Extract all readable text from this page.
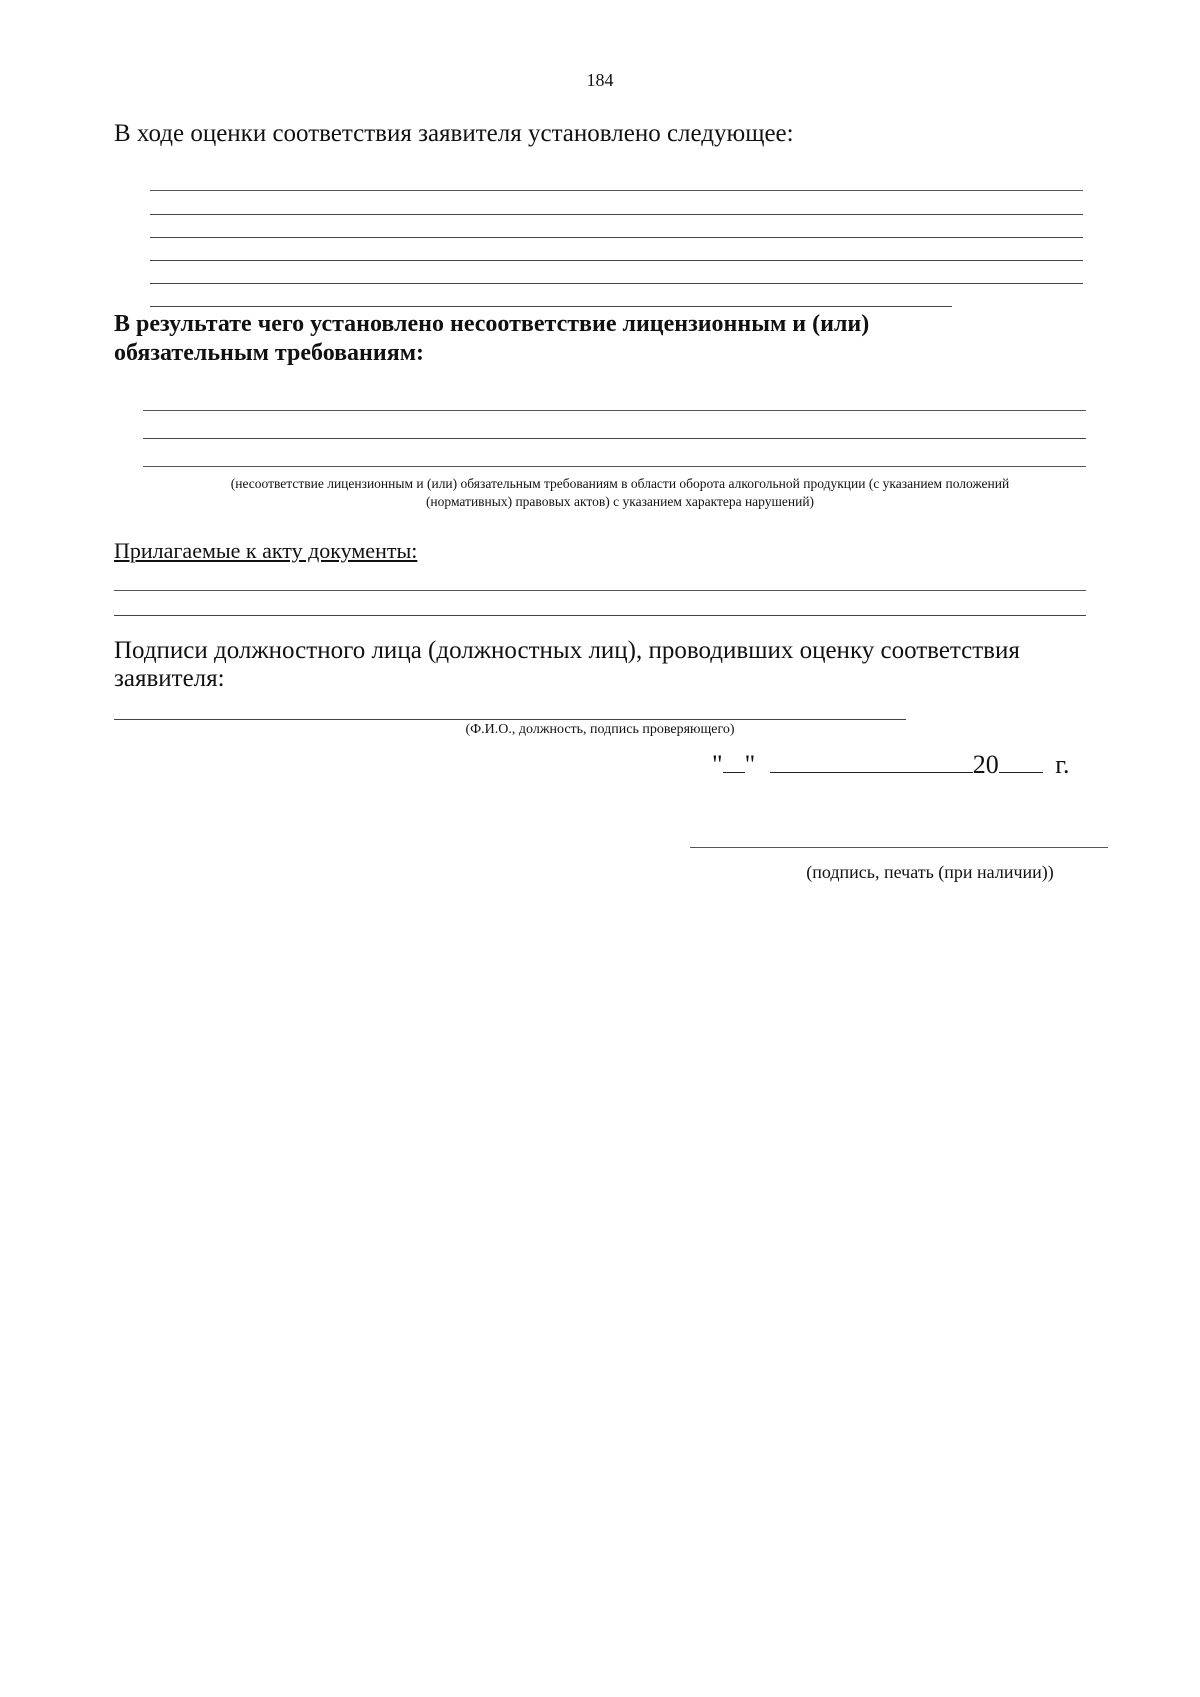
184
В ходе оценки соответствия заявителя установлено следующее:
В результате чего установлено несоответствие лицензионным и (или)
обязательным требованиям:
(несоответствие лицензионным и (или) обязательным требованиям в области оборота алкогольной продукции (с указанием положений
(нормативных) правовых актов) с указанием характера нарушений)
Прилагаемые к акту документы:
Подписи должностного лица (должностных лиц), проводивших оценку соответствия заявителя:
(Ф.И.О., должность, подпись проверяющего)
" "	20 г.
(подпись, печать (при наличии))
